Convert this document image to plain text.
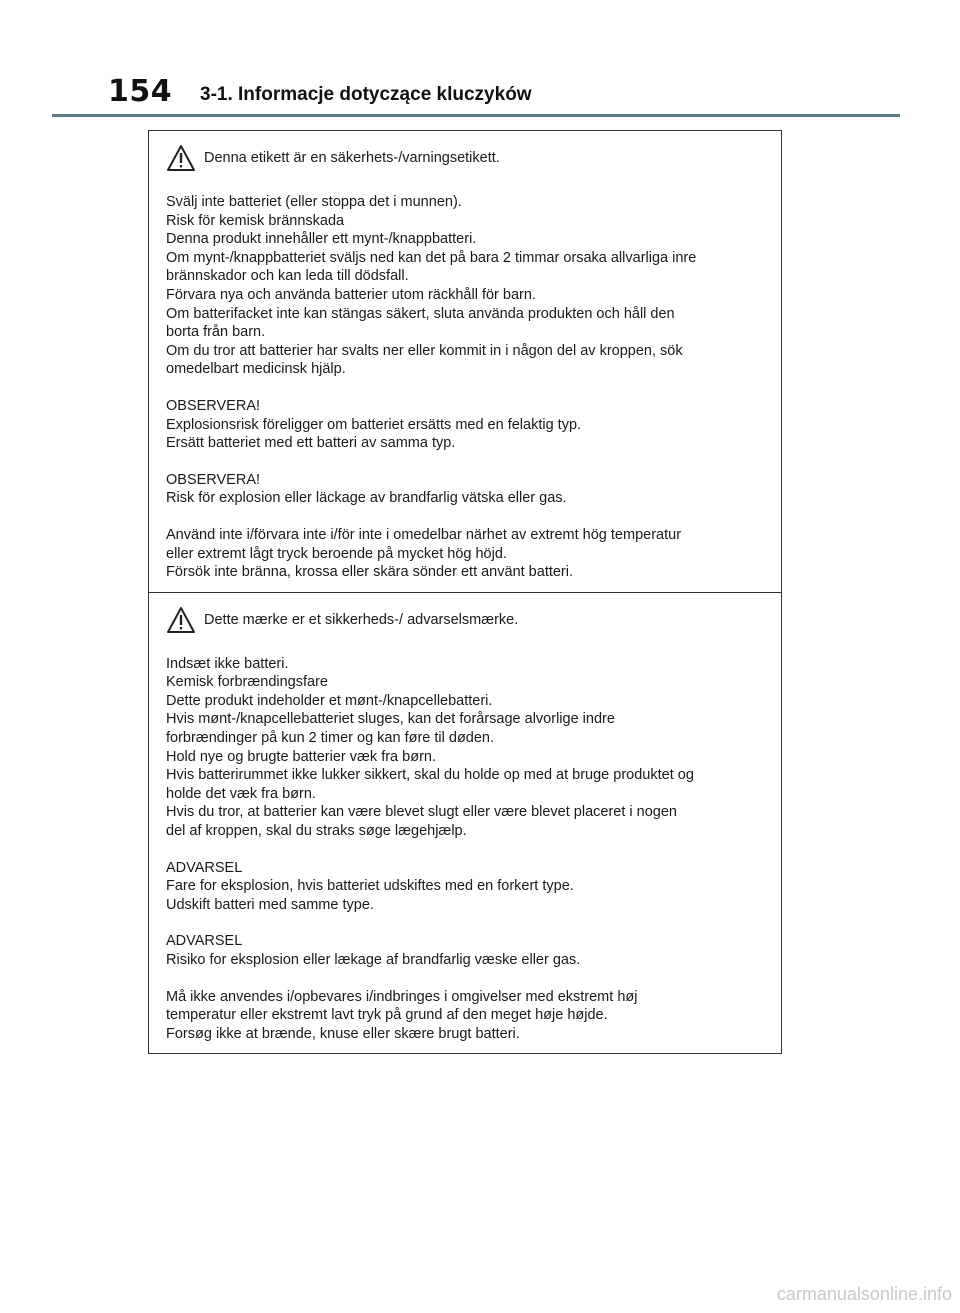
154 3-1. Informacje dotyczące kluczyków
Denna etikett är en säkerhets-/varningsetikett.
Svälj inte batteriet (eller stoppa det i munnen).
Risk för kemisk brännskada
Denna produkt innehåller ett mynt-/knappbatteri.
Om mynt-/knappbatteriet sväljs ned kan det på bara 2 timmar orsaka allvarliga inre
brännskador och kan leda till dödsfall.
Förvara nya och använda batterier utom räckhåll för barn.
Om batterifacket inte kan stängas säkert, sluta använda produkten och håll den
borta från barn.
Om du tror att batterier har svalts ner eller kommit in i någon del av kroppen, sök
omedelbart medicinsk hjälp.
OBSERVERA!
Explosionsrisk föreligger om batteriet ersätts med en felaktig typ.
Ersätt batteriet med ett batteri av samma typ.
OBSERVERA!
Risk för explosion eller läckage av brandfarlig vätska eller gas.
Använd inte i/förvara inte i/för inte i omedelbar närhet av extremt hög temperatur
eller extremt lågt tryck beroende på mycket hög höjd.
Försök inte bränna, krossa eller skära sönder ett använt batteri.
Dette mærke er et sikkerheds-/ advarselsmærke.
Indsæt ikke batteri.
Kemisk forbrændingsfare
Dette produkt indeholder et mønt-/knapcellebatteri.
Hvis mønt-/knapcellebatteriet sluges, kan det forårsage alvorlige indre
forbrændinger på kun 2 timer og kan føre til døden.
Hold nye og brugte batterier væk fra børn.
Hvis batterirummet ikke lukker sikkert, skal du holde op med at bruge produktet og
holde det væk fra børn.
Hvis du tror, at batterier kan være blevet slugt eller være blevet placeret i nogen
del af kroppen, skal du straks søge lægehjælp.
ADVARSEL
Fare for eksplosion, hvis batteriet udskiftes med en forkert type.
Udskift batteri med samme type.
ADVARSEL
Risiko for eksplosion eller lækage af brandfarlig væske eller gas.
Må ikke anvendes i/opbevares i/indbringes i omgivelser med ekstremt høj
temperatur eller ekstremt lavt tryk på grund af den meget høje højde.
Forsøg ikke at brænde, knuse eller skære brugt batteri.
carmanualsonline.info
